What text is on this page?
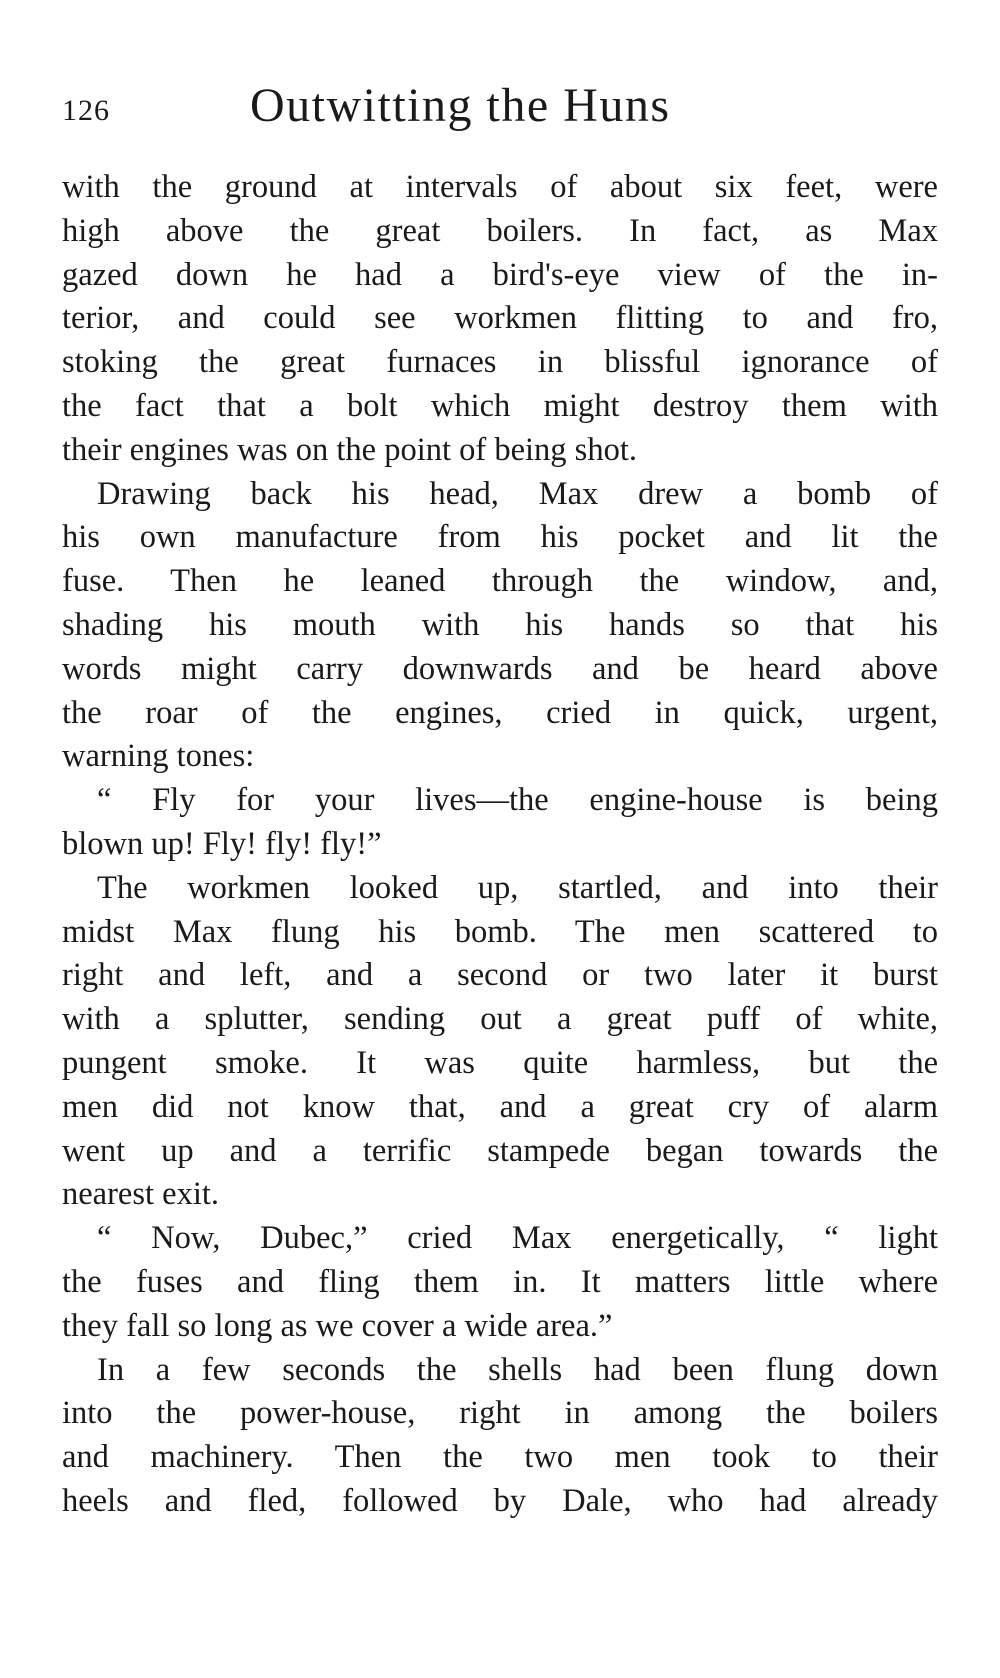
126	Outwitting the Huns

with the ground at intervals of about six feet, were
high above the great boilers. In fact, as Max
gazed down he had a bird's-eye view of the in-
terior, and could see workmen flitting to and fro,
stoking the great furnaces in blissful ignorance of
the fact that a bolt which might destroy them with
their engines was on the point of being shot.

Drawing back his head, Max drew a bomb of
his own manufacture from his pocket and lit the
fuse. Then he leaned through the window, and,
shading his mouth with his hands so that his
words might carry downwards and be heard above
the roar of the engines, cried in quick, urgent,
warning tones:

“ Fly for your lives—the engine-house is being
blown up! Fly! fly! fly!”

The workmen looked up, startled, and into their
midst Max flung his bomb. The men scattered to
right and left, and a second or two later it burst
with a splutter, sending out a great puff of white,
pungent smoke. It was quite harmless, but the
men did not know that, and a great cry of alarm
went up and a terrific stampede began towards the
nearest exit.

“ Now, Dubec,” cried Max energetically, “ light
the fuses and fling them in. It matters little where
they fall so long as we cover a wide area.”

In a few seconds the shells had been flung down
into the power-house, right in among the boilers
and machinery. Then the two men took to their
heels and fled, followed by Dale, who had already
